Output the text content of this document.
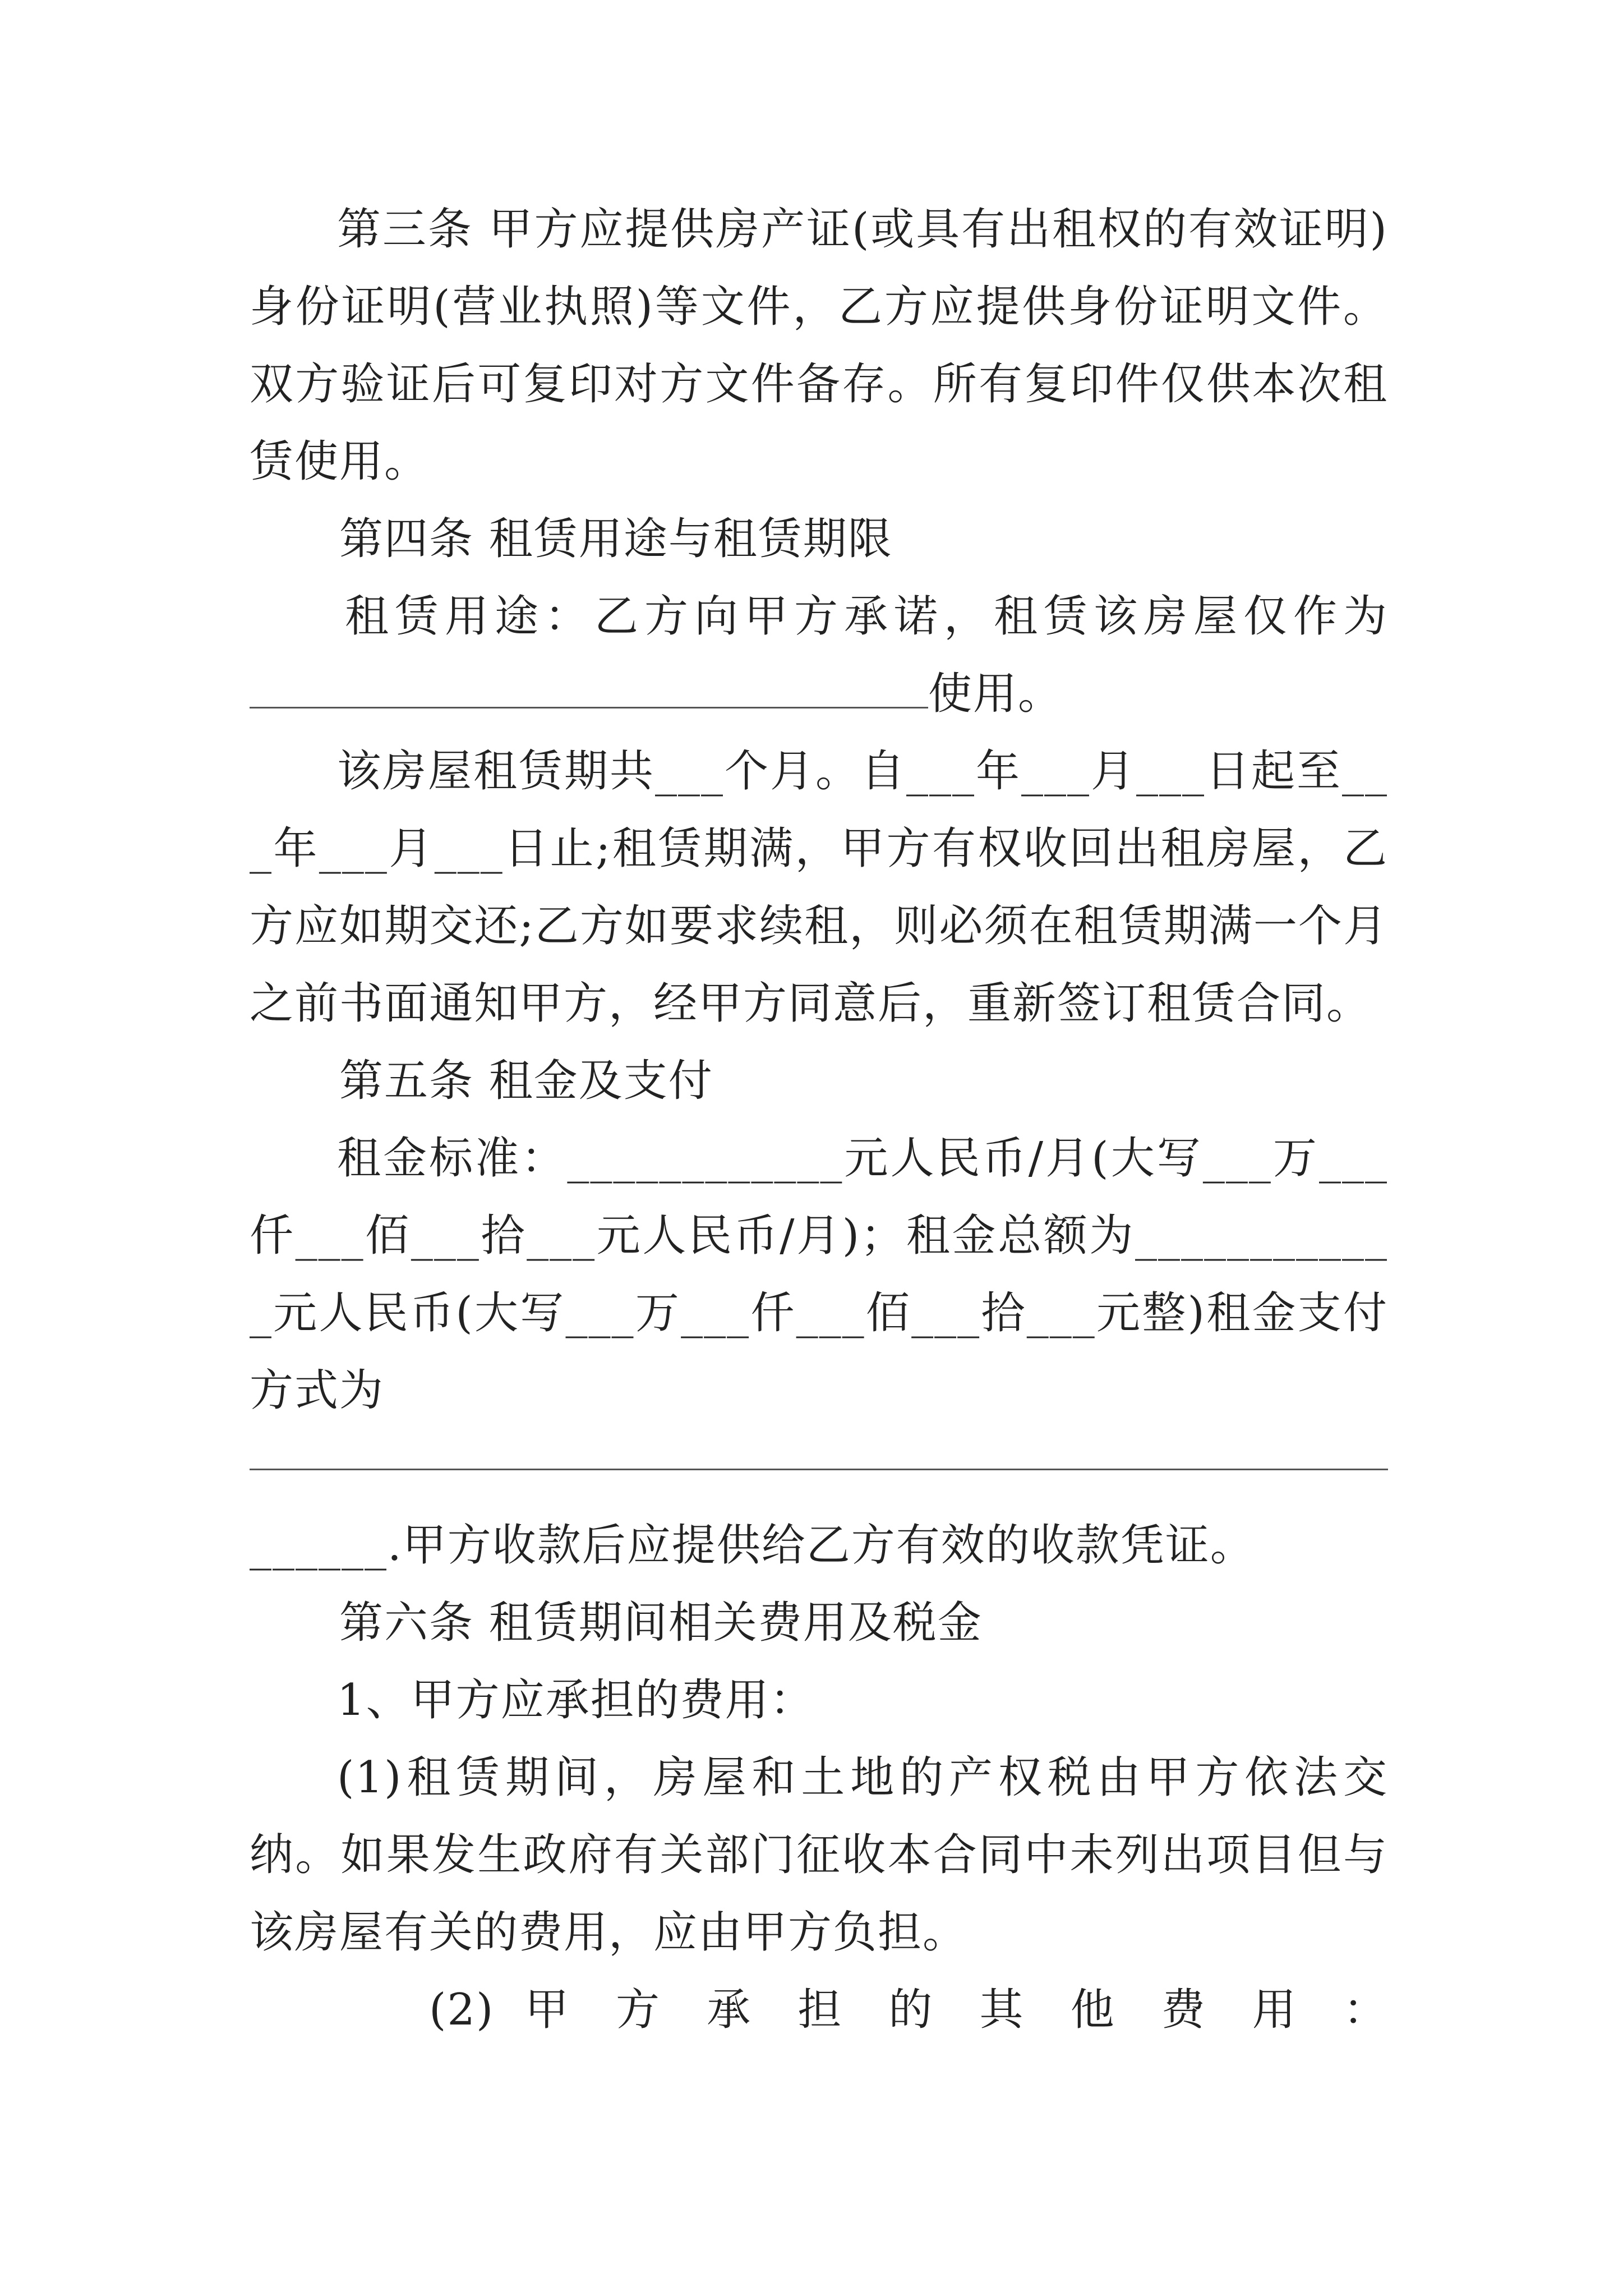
第三条 甲方应提供房产证(或具有出租权的有效证明)身份证明(营业执照)等文件，乙方应提供身份证明文件。双方验证后可复印对方文件备存。所有复印件仅供本次租赁使用。

第四条 租赁用途与租赁期限

租赁用途：乙方向甲方承诺，租赁该房屋仅作为

使用。

该房屋租赁期共___个月。自___年___月___日起至___年___月___日止;租赁期满，甲方有权收回出租房屋，乙方应如期交还;乙方如要求续租，则必须在租赁期满一个月之前书面通知甲方，经甲方同意后，重新签订租赁合同。

第五条 租金及支付

租金标准：____________元人民币/月(大写___万___仟___佰___拾___元人民币/月)；租金总额为____________元人民币(大写___万___仟___佰___拾___元整)租金支付方式为

______.甲方收款后应提供给乙方有效的收款凭证。

第六条 租赁期间相关费用及税金

1、甲方应承担的费用：

(1)租赁期间，房屋和土地的产权税由甲方依法交纳。如果发生政府有关部门征收本合同中未列出项目但与该房屋有关的费用，应由甲方负担。

(2) 甲 方 承 担 的 其 他 费 用 ：
